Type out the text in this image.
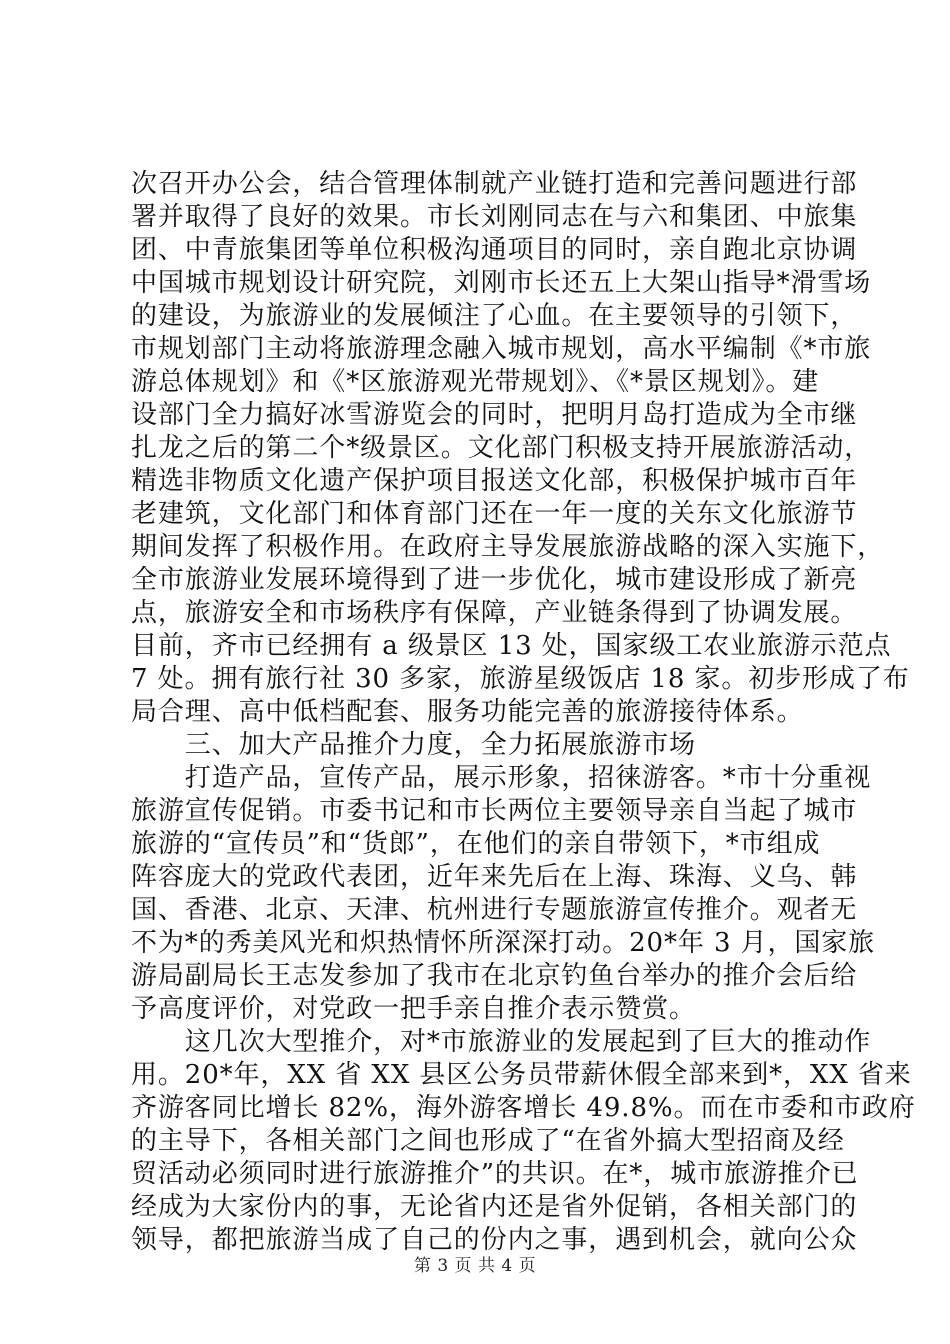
次召开办公会，结合管理体制就产业链打造和完善问题进行部
署并取得了良好的效果。市长刘刚同志在与六和集团、中旅集
团、中青旅集团等单位积极沟通项目的同时，亲自跑北京协调
中国城市规划设计研究院，刘刚市长还五上大架山指导*滑雪场
的建设，为旅游业的发展倾注了心血。在主要领导的引领下，
市规划部门主动将旅游理念融入城市规划，高水平编制《*市旅
游总体规划》和《*区旅游观光带规划》、《*景区规划》。建
设部门全力搞好冰雪游览会的同时，把明月岛打造成为全市继
扎龙之后的第二个*级景区。文化部门积极支持开展旅游活动，
精选非物质文化遗产保护项目报送文化部，积极保护城市百年
老建筑，文化部门和体育部门还在一年一度的关东文化旅游节
期间发挥了积极作用。在政府主导发展旅游战略的深入实施下，
全市旅游业发展环境得到了进一步优化，城市建设形成了新亮
点，旅游安全和市场秩序有保障，产业链条得到了协调发展。
目前，齐市已经拥有 a 级景区 13 处，国家级工农业旅游示范点
7 处。拥有旅行社 30 多家，旅游星级饭店 18 家。初步形成了布
局合理、高中低档配套、服务功能完善的旅游接待体系。
　　三、加大产品推介力度，全力拓展旅游市场
　　打造产品，宣传产品，展示形象，招徕游客。*市十分重视
旅游宣传促销。市委书记和市长两位主要领导亲自当起了城市
旅游的“宣传员”和“货郎”，在他们的亲自带领下，*市组成
阵容庞大的党政代表团，近年来先后在上海、珠海、义乌、韩
国、香港、北京、天津、杭州进行专题旅游宣传推介。观者无
不为*的秀美风光和炽热情怀所深深打动。20*年 3 月，国家旅
游局副局长王志发参加了我市在北京钓鱼台举办的推介会后给
予高度评价，对党政一把手亲自推介表示赞赏。
　　这几次大型推介，对*市旅游业的发展起到了巨大的推动作
用。20*年，XX 省 XX 县区公务员带薪休假全部来到*，XX 省来
齐游客同比增长 82%，海外游客增长 49.8%。而在市委和市政府
的主导下，各相关部门之间也形成了“在省外搞大型招商及经
贸活动必须同时进行旅游推介”的共识。在*，城市旅游推介已
经成为大家份内的事，无论省内还是省外促销，各相关部门的
领导，都把旅游当成了自己的份内之事，遇到机会，就向公众
第 3 页 共 4 页
